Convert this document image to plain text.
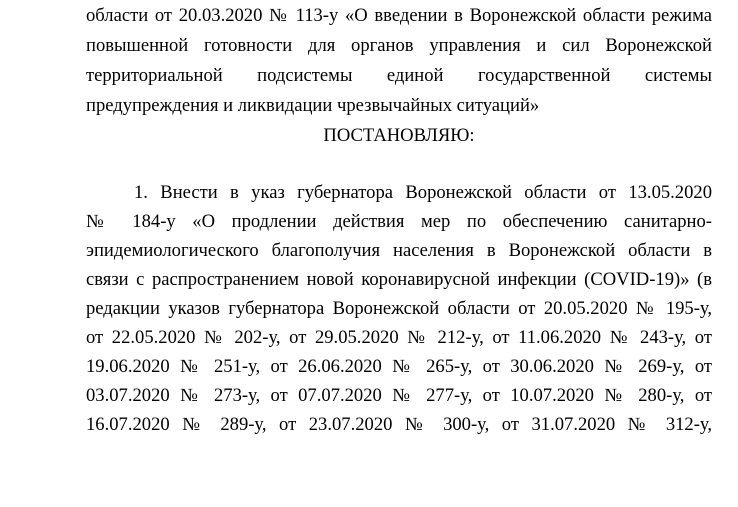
области от 20.03.2020 № 113-у «О введении в Воронежской области режима
повышенной готовности для органов управления и сил Воронежской
территориальной подсистемы единой государственной системы
предупреждения и ликвидации чрезвычайных ситуаций»
ПОСТАНОВЛЯЮ:
1. Внести в указ губернатора Воронежской области от 13.05.2020
№ 184-у «О продлении действия мер по обеспечению санитарно-
эпидемиологического благополучия населения в Воронежской области в
связи с распространением новой коронавирусной инфекции (COVID-19)» (в
редакции указов губернатора Воронежской области от 20.05.2020 № 195-у,
от 22.05.2020 № 202-у, от 29.05.2020 № 212-у, от 11.06.2020 № 243-у, от
19.06.2020 № 251-у, от 26.06.2020 № 265-у, от 30.06.2020 № 269-у, от
03.07.2020 № 273-у, от 07.07.2020 № 277-у, от 10.07.2020 № 280-у, от
16.07.2020 № 289-у, от 23.07.2020 № 300-у, от 31.07.2020 № 312-у,
